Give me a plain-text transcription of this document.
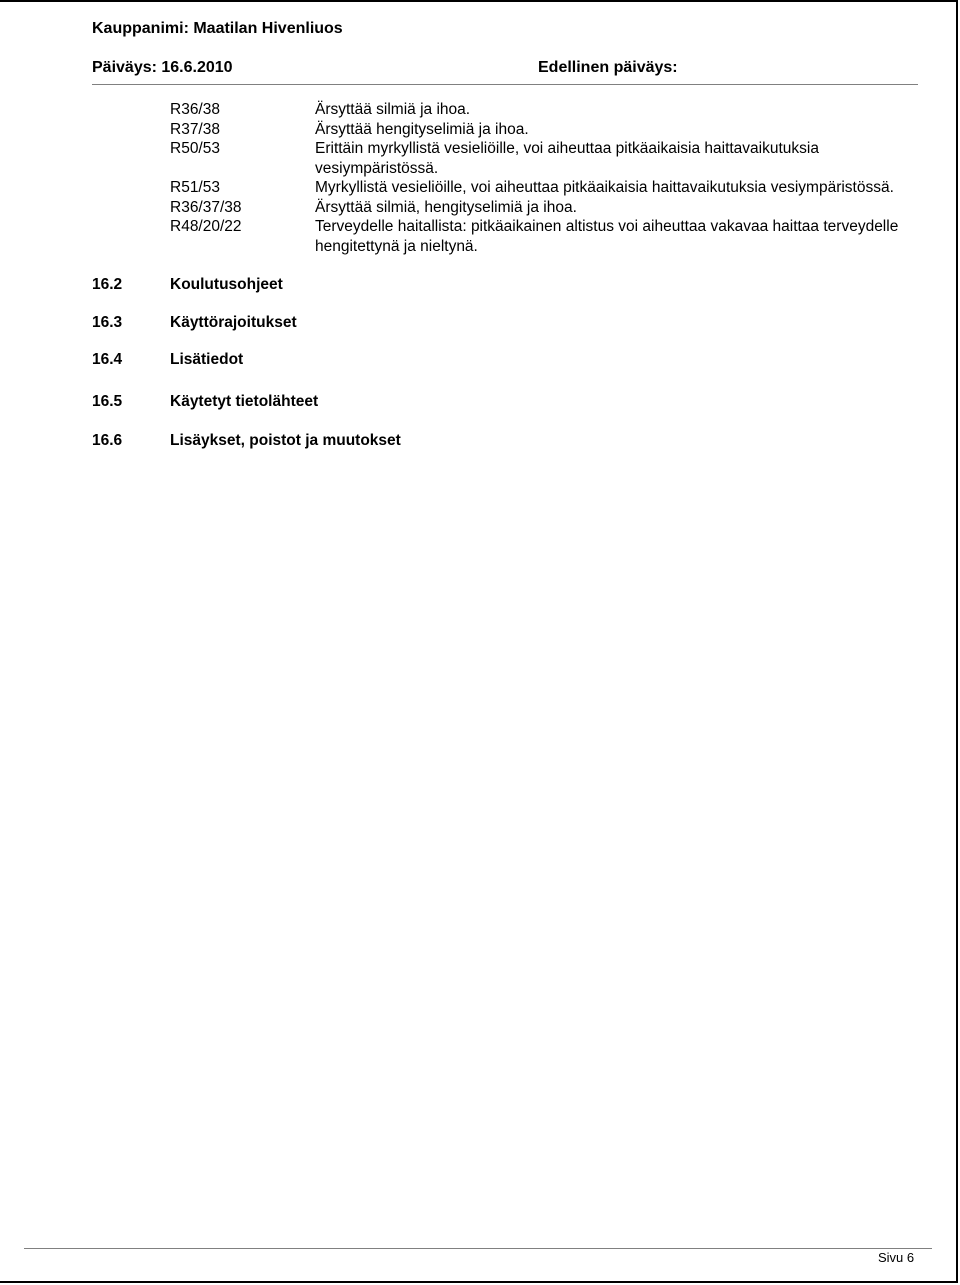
Kauppanimi: Maatilan Hivenliuos
Päiväys: 16.6.2010	Edellinen päiväys:
R36/38	Ärsyttää silmiä ja ihoa.
R37/38	Ärsyttää hengityselimiä ja ihoa.
R50/53	Erittäin myrkyllistä vesieliöille, voi aiheuttaa pitkäaikaisia haittavaikutuksia vesiympäristössä.
R51/53	Myrkyllistä vesieliöille, voi aiheuttaa pitkäaikaisia haittavaikutuksia vesiympäristössä.
R36/37/38	Ärsyttää silmiä, hengityselimiä ja ihoa.
R48/20/22	Terveydelle haitallista: pitkäaikainen altistus voi aiheuttaa vakavaa haittaa terveydelle hengitettynä ja nieltynä.
16.2	Koulutusohjeet
16.3	Käyttörajoitukset
16.4	Lisätiedot
16.5	Käytetyt tietolähteet
16.6	Lisäykset, poistot ja muutokset
Sivu 6
